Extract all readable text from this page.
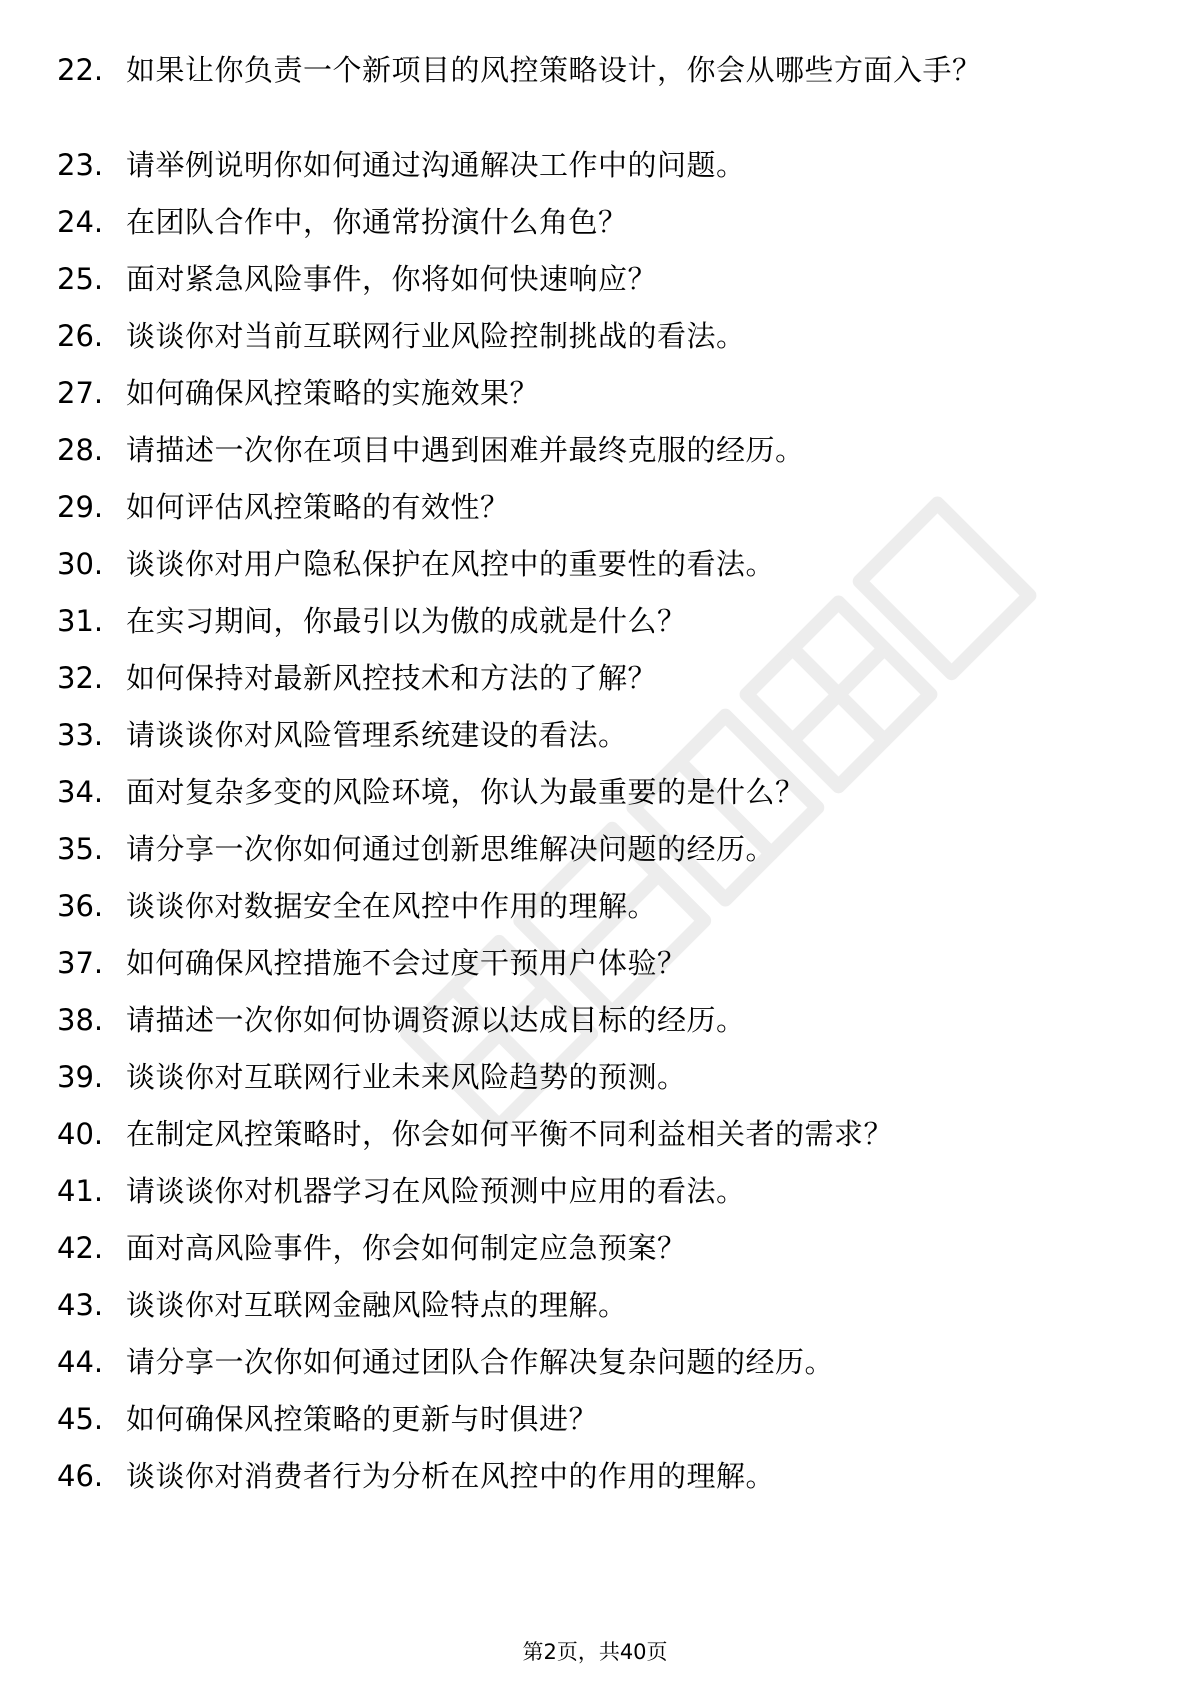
22. 如果让你负责一个新项目的风控策略设计，你会从哪些方面入手？
23. 请举例说明你如何通过沟通解决工作中的问题。
24. 在团队合作中，你通常扮演什么角色？
25. 面对紧急风险事件，你将如何快速响应？
26. 谈谈你对当前互联网行业风险控制挑战的看法。
27. 如何确保风控策略的实施效果？
28. 请描述一次你在项目中遇到困难并最终克服的经历。
29. 如何评估风控策略的有效性？
30. 谈谈你对用户隐私保护在风控中的重要性的看法。
31. 在实习期间，你最引以为傲的成就是什么？
32. 如何保持对最新风控技术和方法的了解？
33. 请谈谈你对风险管理系统建设的看法。
34. 面对复杂多变的风险环境，你认为最重要的是什么？
35. 请分享一次你如何通过创新思维解决问题的经历。
36. 谈谈你对数据安全在风控中作用的理解。
37. 如何确保风控措施不会过度干预用户体验？
38. 请描述一次你如何协调资源以达成目标的经历。
39. 谈谈你对互联网行业未来风险趋势的预测。
40. 在制定风控策略时，你会如何平衡不同利益相关者的需求？
41. 请谈谈你对机器学习在风险预测中应用的看法。
42. 面对高风险事件，你会如何制定应急预案？
43. 谈谈你对互联网金融风险特点的理解。
44. 请分享一次你如何通过团队合作解决复杂问题的经历。
45. 如何确保风控策略的更新与时俱进？
46. 谈谈你对消费者行为分析在风控中的作用的理解。
第2页，共40页
